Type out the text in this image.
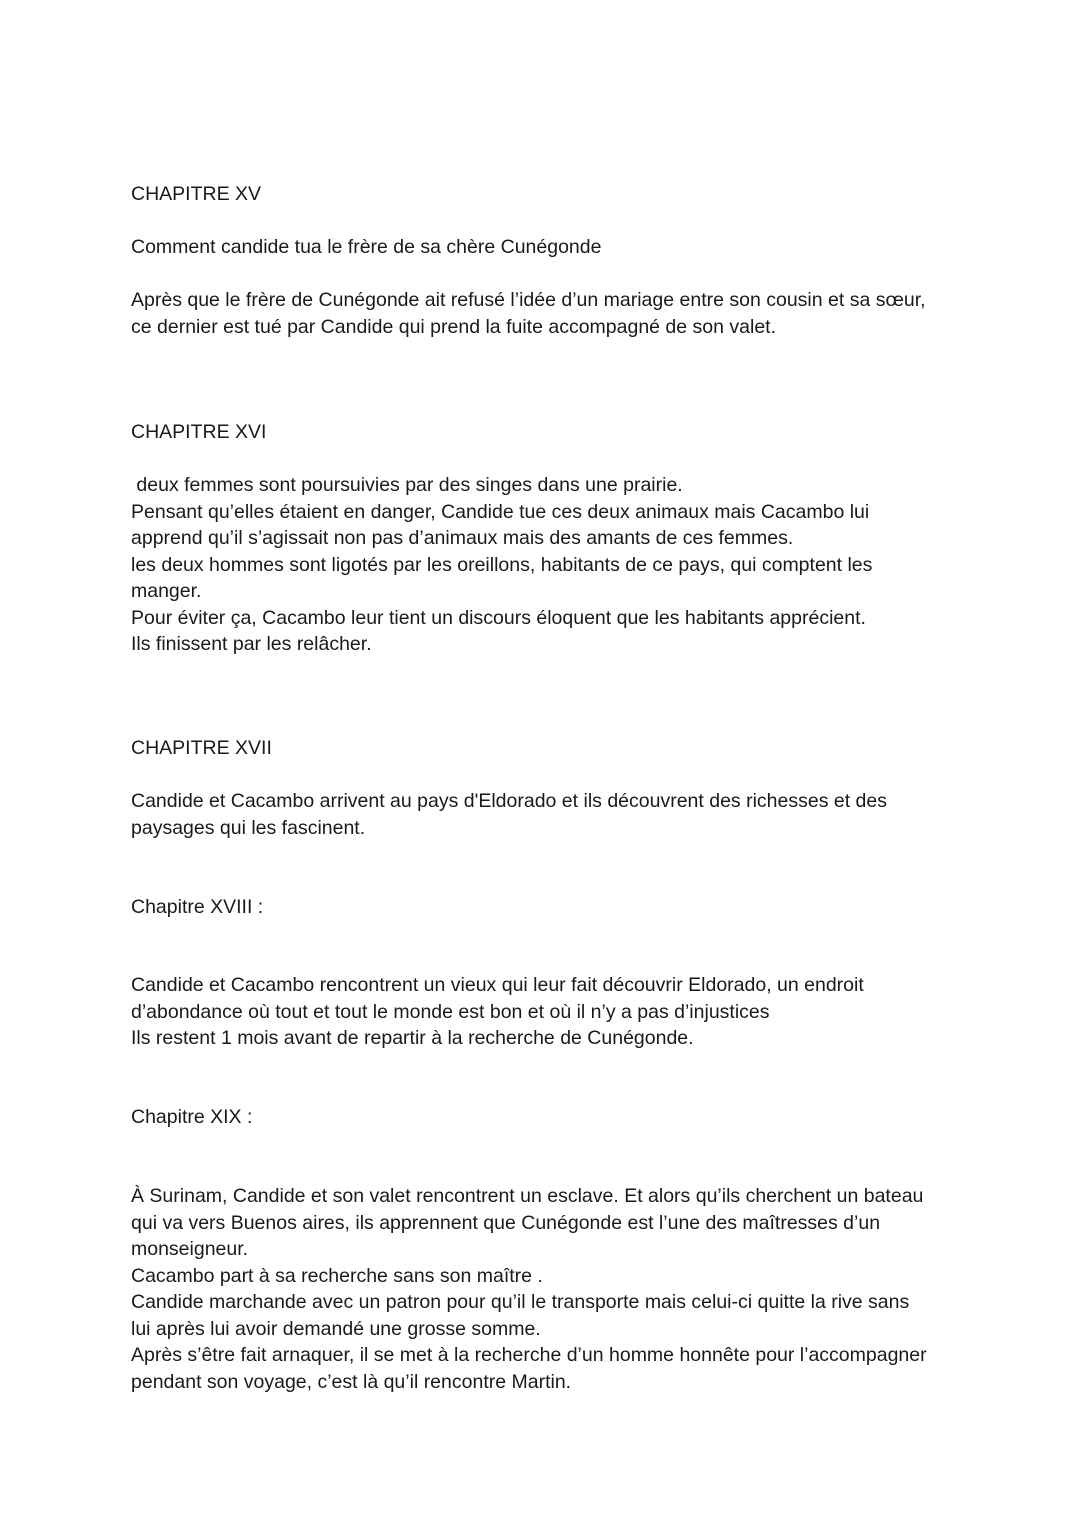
CHAPITRE XV

Comment candide tua le frère de sa chère Cunégonde

Après que le frère de Cunégonde ait refusé l’idée d’un mariage entre son cousin et sa sœur,
ce dernier est tué par Candide qui prend la fuite accompagné de son valet.

CHAPITRE XVI

deux femmes sont poursuivies par des singes dans une prairie.
Pensant qu’elles étaient en danger, Candide tue ces deux animaux mais Cacambo lui
apprend qu’il s’agissait non pas d’animaux mais des amants de ces femmes.
les deux hommes sont ligotés par les oreillons, habitants de ce pays, qui comptent les
manger.
Pour éviter ça, Cacambo leur tient un discours éloquent que les habitants apprécient.
Ils finissent par les relâcher.

CHAPITRE XVII

Candide et Cacambo arrivent au pays d'Eldorado et ils découvrent des richesses et des
paysages qui les fascinent.

Chapitre XVIII :

Candide et Cacambo rencontrent un vieux qui leur fait découvrir Eldorado, un endroit
d’abondance où tout et tout le monde est bon et où il n’y a pas d’injustices
Ils restent 1 mois avant de repartir à la recherche de Cunégonde.

Chapitre XIX :

À Surinam, Candide et son valet rencontrent un esclave. Et alors qu’ils cherchent un bateau
qui va vers Buenos aires, ils apprennent que Cunégonde est l’une des maîtresses d’un
monseigneur.
Cacambo part à sa recherche sans son maître .
Candide marchande avec un patron pour qu’il le transporte mais celui-ci quitte la rive sans
lui après lui avoir demandé une grosse somme.
Après s’être fait arnaquer, il se met à la recherche d’un homme honnête pour l’accompagner
pendant son voyage, c’est là qu’il rencontre Martin.
